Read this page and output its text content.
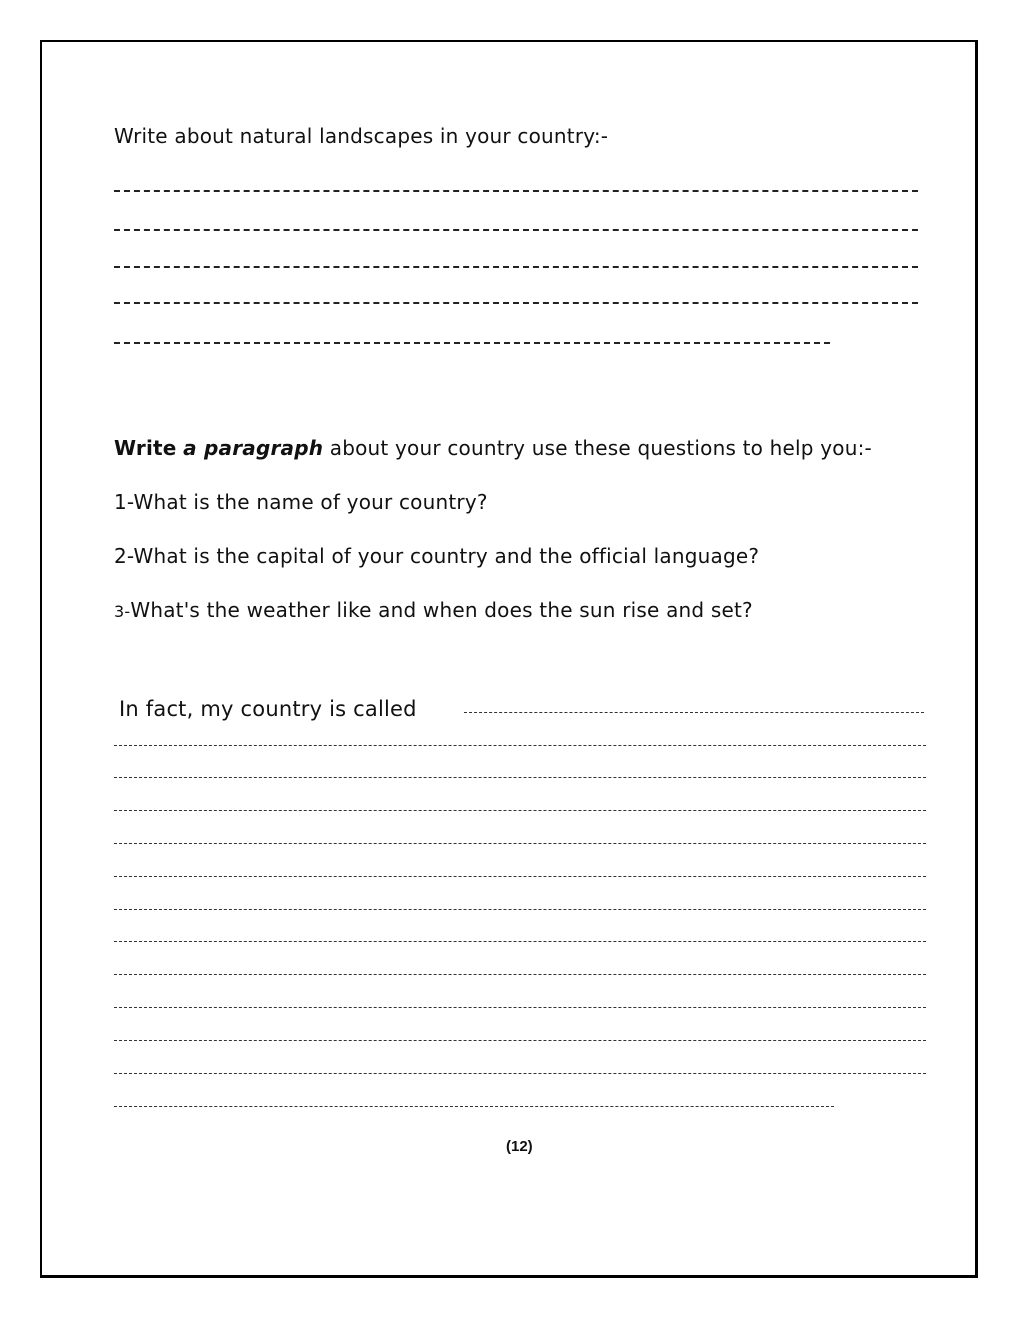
Write about natural landscapes in your country:-
Write a paragraph about your country use these questions to help you:-
1-What is the name of your country?
2-What is the capital of your country and the official language?
3-What's the weather like and when does the sun rise and set?
In fact, my country is called
(12)
